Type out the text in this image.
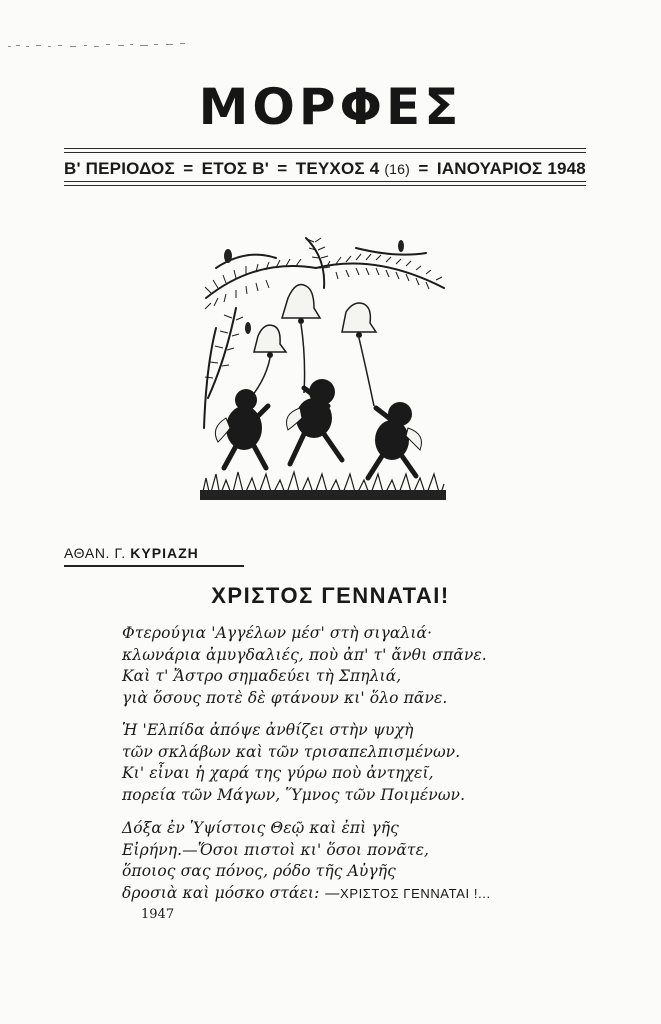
ΜΟΡΦΕΣ
Β' ΠΕΡΙΟΔΟΣ = ΕΤΟΣ Β' = ΤΕΥΧΟΣ 4 (16) = ΙΑΝΟΥΑΡΙΟΣ 1948
ΑΘΑΝ. Γ. ΚΥΡΙΑΖΗ
ΧΡΙΣΤΟΣ ΓΕΝΝΑΤΑΙ!
Φτερούγια 'Αγγέλων μέσ' στὴ σιγαλιά·
κλωνάρια ἀμυγδαλιές, ποὺ ἀπ' τ' ἄνθι σπᾶνε.
Καὶ τ' Ἄστρο σημαδεύει τὴ Σπηλιά,
γιὰ ὅσους ποτὲ δὲ φτάνουν κι' ὅλο πᾶνε.
Ἡ 'Ελπίδα ἀπόψε ἀνθίζει στὴν ψυχὴ
τῶν σκλάβων καὶ τῶν τρισαπελπισμένων.
Κι' εἶναι ἡ χαρά της γύρω ποὺ ἀντηχεῖ,
πορεία τῶν Μάγων, Ὕμνος τῶν Ποιμένων.
Δόξα ἐν Ὑψίστοις Θεῷ καὶ ἐπὶ γῆς
Εἰρήνη.—Ὅσοι πιστοὶ κι' ὅσοι πονᾶτε,
ὅποιος σας πόνος, ρόδο τῆς Αὐγῆς
δροσιὰ καὶ μόσκο στάει: —ΧΡΙΣΤΟΣ ΓΕΝΝΑΤΑΙ !...
1947
